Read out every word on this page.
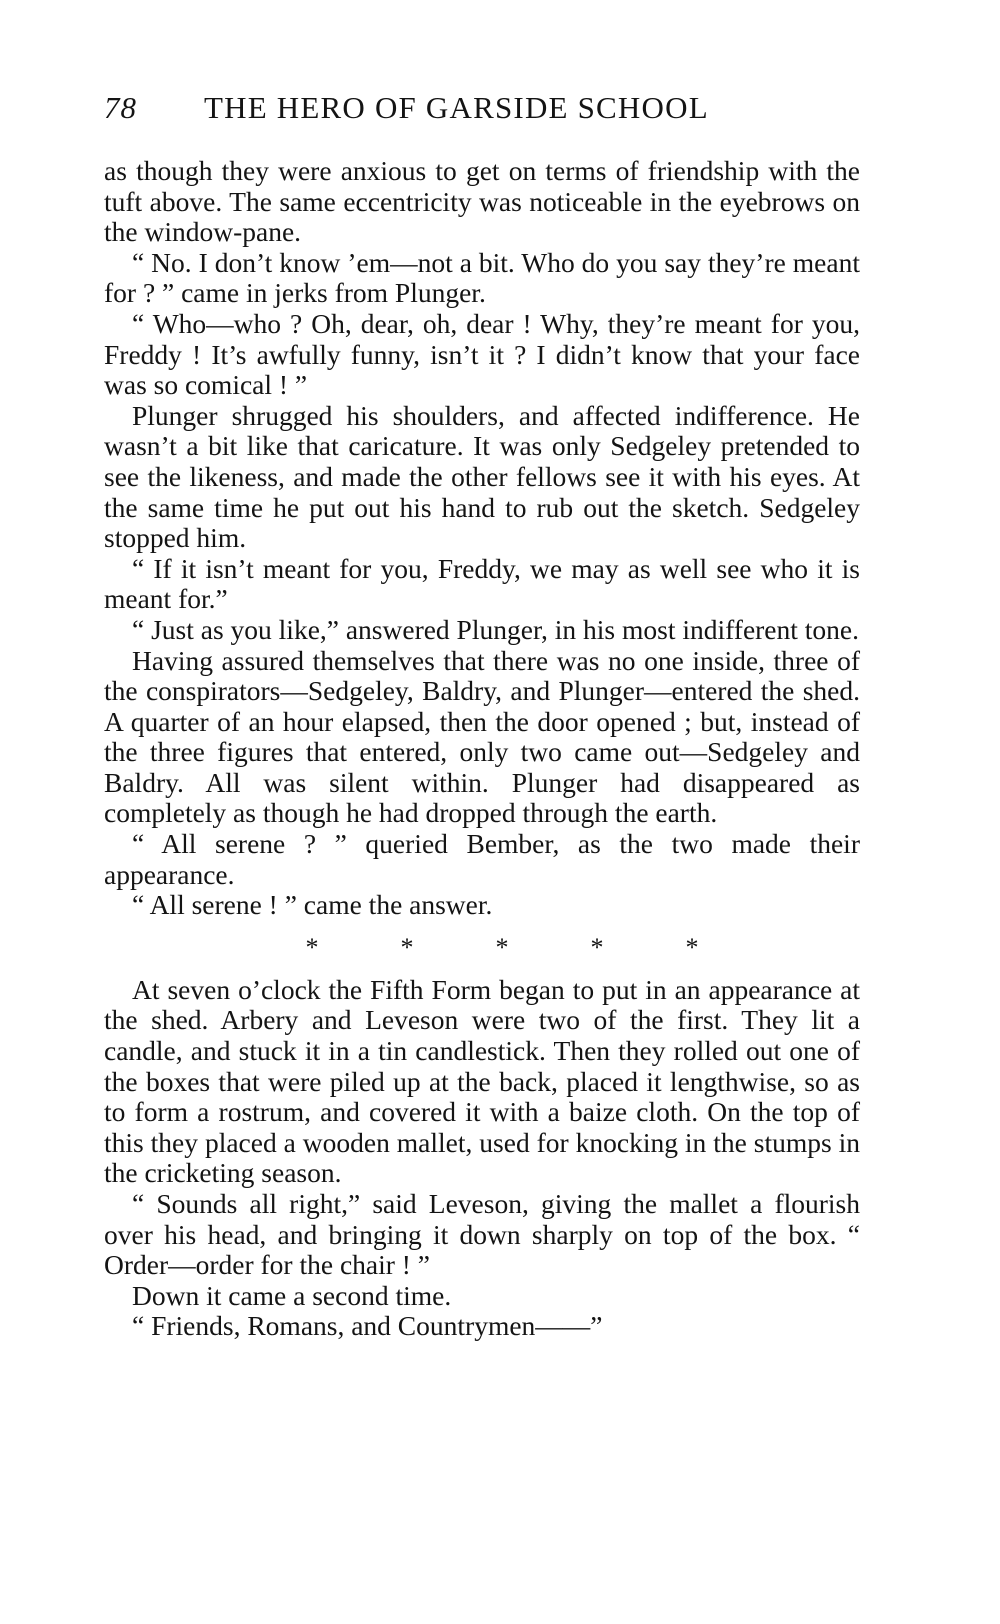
78 THE HERO OF GARSIDE SCHOOL

as though they were anxious to get on terms of friendship with the tuft above. The same eccentricity was noticeable in the eyebrows on the window-pane.

“ No. I don’t know ’em—not a bit. Who do you say they’re meant for ? ” came in jerks from Plunger.

“ Who—who ? Oh, dear, oh, dear ! Why, they’re meant for you, Freddy ! It’s awfully funny, isn’t it ? I didn’t know that your face was so comical ! ”

Plunger shrugged his shoulders, and affected indifference. He wasn’t a bit like that caricature. It was only Sedgeley pretended to see the likeness, and made the other fellows see it with his eyes. At the same time he put out his hand to rub out the sketch. Sedgeley stopped him.

“ If it isn’t meant for you, Freddy, we may as well see who it is meant for.”

“ Just as you like,” answered Plunger, in his most indifferent tone.

Having assured themselves that there was no one inside, three of the conspirators—Sedgeley, Baldry, and Plunger—entered the shed. A quarter of an hour elapsed, then the door opened ; but, instead of the three figures that entered, only two came out—Sedgeley and Baldry. All was silent within. Plunger had disappeared as completely as though he had dropped through the earth.

“ All serene ? ” queried Bember, as the two made their appearance.

“ All serene ! ” came the answer.

*	*	*	*	*

At seven o’clock the Fifth Form began to put in an appearance at the shed. Arbery and Leveson were two of the first. They lit a candle, and stuck it in a tin candlestick. Then they rolled out one of the boxes that were piled up at the back, placed it lengthwise, so as to form a rostrum, and covered it with a baize cloth. On the top of this they placed a wooden mallet, used for knocking in the stumps in the cricketing season.

“ Sounds all right,” said Leveson, giving the mallet a flourish over his head, and bringing it down sharply on top of the box. “ Order—order for the chair ! ”

Down it came a second time.

“ Friends, Romans, and Countrymen——”
